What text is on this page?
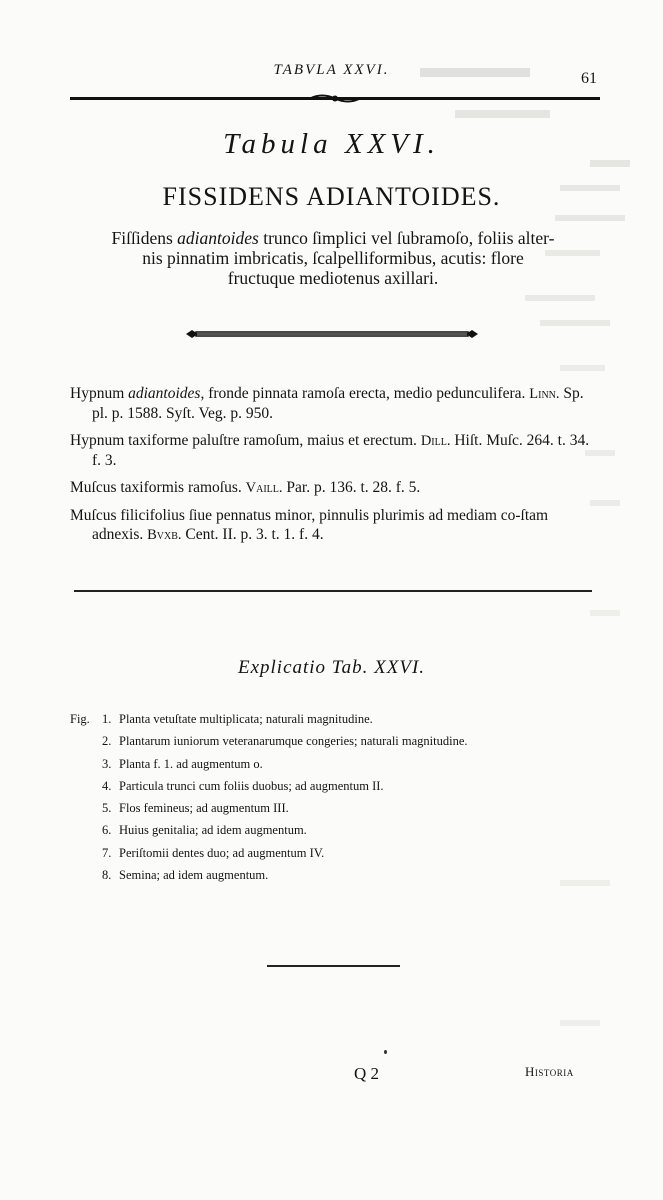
TABVLA XXVI.	61
Tabula XXVI.
FISSIDENS ADIANTOIDES.

Fiſſidens adiantoides trunco ſimplici vel ſubramoſo, foliis alter-

nis pinnatim imbricatis, ſcalpelliformibus, acutis: flore

fructuque mediotenus axillari.

Hypnum adiantoides, fronde pinnata ramoſa erecta, medio pedunculifera. Linn. Sp. pl. p. 1588. Syſt. Veg. p. 950.

Hypnum taxiforme paluſtre ramoſum, maius et erectum. Dill. Hiſt. Muſc. 264. t. 34. f. 3.

Muſcus taxiformis ramoſus. Vaill. Par. p. 136. t. 28. f. 5.

Muſcus filicifolius ſiue pennatus minor, pinnulis plurimis ad mediam co-ſtam adnexis. Bvxb. Cent. II. p. 3. t. 1. f. 4.

Explicatio Tab. XXVI.
Fig. 1. Planta vetuſtate multiplicata; naturali magnitudine.
2. Plantarum iuniorum veteranarumque congeries; naturali magnitudine.
3. Planta f. 1. ad augmentum o.
4. Particula trunci cum foliis duobus; ad augmentum II.
5. Flos femineus; ad augmentum III.
6. Huius genitalia; ad idem augmentum.
7. Periſtomii dentes duo; ad augmentum IV.
8. Semina; ad idem augmentum.
Q 2	Historia
